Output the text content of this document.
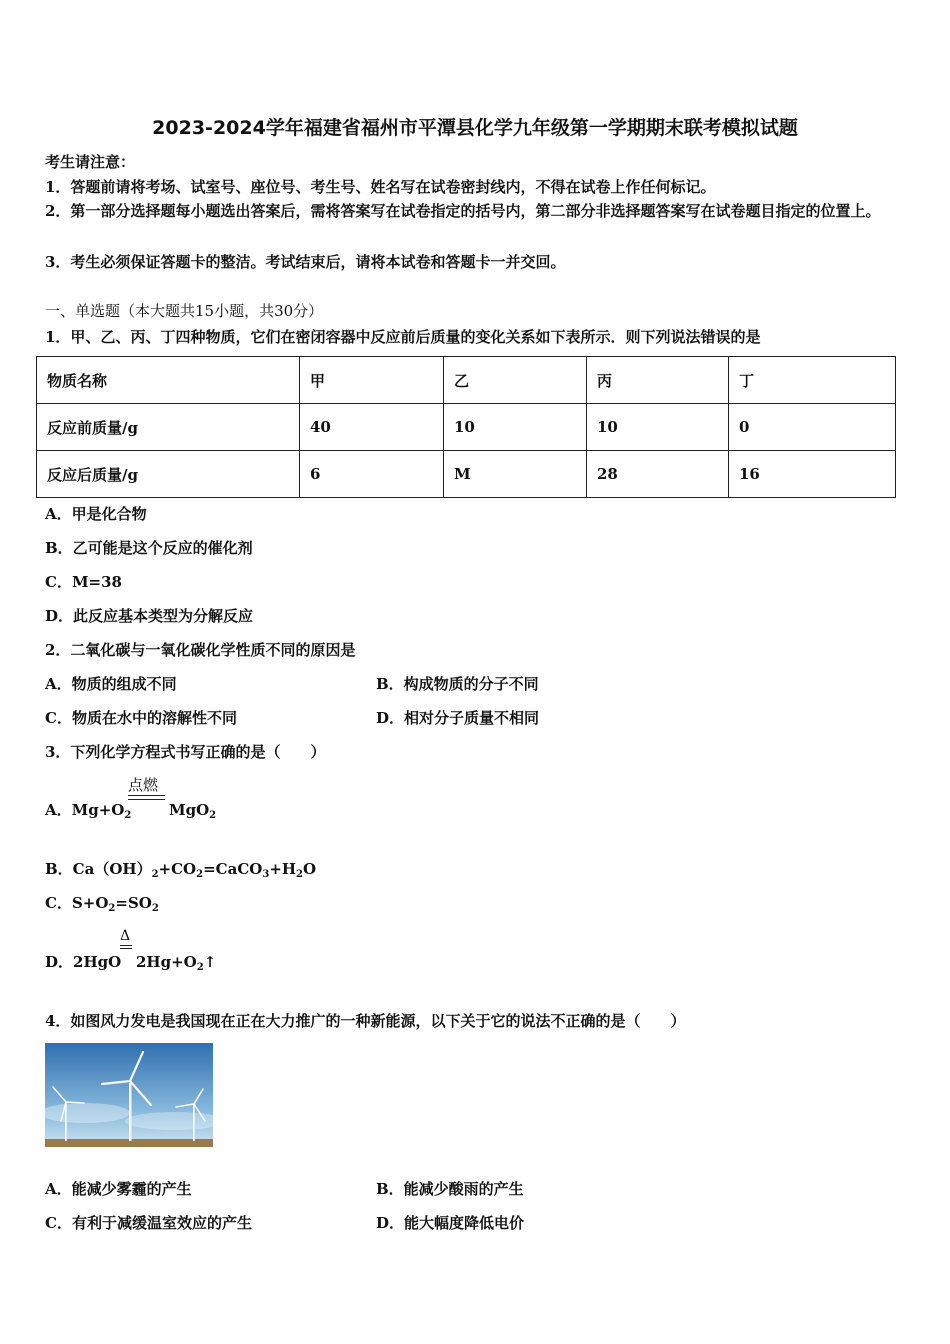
2023-2024学年福建省福州市平潭县化学九年级第一学期期末联考模拟试题
考生请注意：
1．答题前请将考场、试室号、座位号、考生号、姓名写在试卷密封线内，不得在试卷上作任何标记。
2．第一部分选择题每小题选出答案后，需将答案写在试卷指定的括号内，第二部分非选择题答案写在试卷题目指定的位置上。
3．考生必须保证答题卡的整洁。考试结束后，请将本试卷和答题卡一并交回。
一、单选题（本大题共15小题，共30分）
1．甲、乙、丙、丁四种物质，它们在密闭容器中反应前后质量的变化关系如下表所示．则下列说法错误的是
物质名称	甲	乙	丙	丁
反应前质量/g	40	10	10	0
反应后质量/g	6	M	28	16
A．甲是化合物
B．乙可能是这个反应的催化剂
C．M=38
D．此反应基本类型为分解反应
2．二氧化碳与一氧化碳化学性质不同的原因是
A．物质的组成不同	B．构成物质的分子不同
C．物质在水中的溶解性不同	D．相对分子质量不相同
3．下列化学方程式书写正确的是（　　）
点燃
A．$Mg+O_2$	MgO$_2$
B．$Ca(OH)_2+CO_2=CaCO_3+H_2O$
C．$S+O_2=SO_2$
Δ
D．2HgO $2Hg+O_2↑$
4．如图风力发电是我国现在正在大力推广的一种新能源，以下关于它的说法不正确的是（　　）
A．能减少雾霾的产生	B．能减少酸雨的产生
C．有利于减缓温室效应的产生	D．能大幅度降低电价
